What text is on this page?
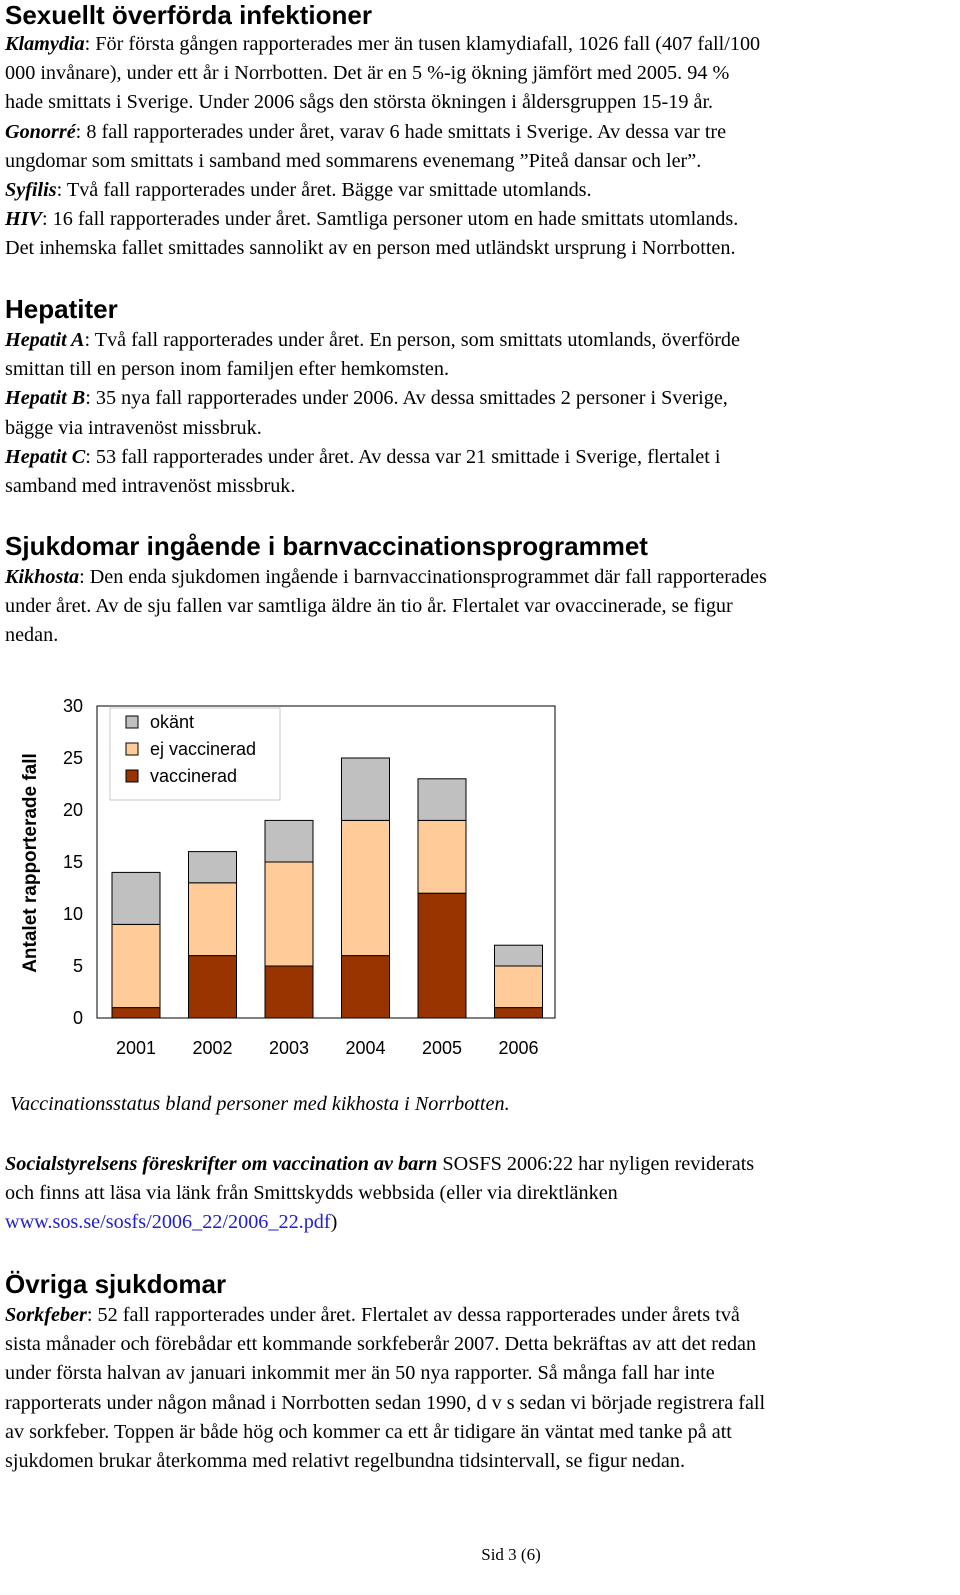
Sexuellt överförda infektioner
Klamydia: För första gången rapporterades mer än tusen klamydiafall, 1026 fall (407 fall/100
000 invånare), under ett år i Norrbotten. Det är en 5 %-ig ökning jämfört med 2005. 94 %
hade smittats i Sverige. Under 2006 sågs den största ökningen i åldersgruppen 15-19 år.
Gonorré: 8 fall rapporterades under året, varav 6 hade smittats i Sverige. Av dessa var tre
ungdomar som smittats i samband med sommarens evenemang ”Piteå dansar och ler”.
Syfilis: Två fall rapporterades under året. Bägge var smittade utomlands.
HIV: 16 fall rapporterades under året. Samtliga personer utom en hade smittats utomlands.
Det inhemska fallet smittades sannolikt av en person med utländskt ursprung i Norrbotten.
Hepatiter
Hepatit A: Två fall rapporterades under året. En person, som smittats utomlands, överförde
smittan till en person inom familjen efter hemkomsten.
Hepatit B: 35 nya fall rapporterades under 2006. Av dessa smittades 2 personer i Sverige,
bägge via intravenöst missbruk.
Hepatit C: 53 fall rapporterades under året. Av dessa var 21 smittade i Sverige, flertalet i
samband med intravenöst missbruk.
Sjukdomar ingående i barnvaccinationsprogrammet
Kikhosta: Den enda sjukdomen ingående i barnvaccinationsprogrammet där fall rapporterades
under året. Av de sju fallen var samtliga äldre än tio år. Flertalet var ovaccinerade, se figur
nedan.
0
5
10
15
20
25
30
2001 2002 2003 2004 2005 2006
Antalet rapporterade fall
okänt
ej vaccinerad
vaccinerad
Vaccinationsstatus bland personer med kikhosta i Norrbotten.
Socialstyrelsens föreskrifter om vaccination av barn SOSFS 2006:22 har nyligen reviderats
och finns att läsa via länk från Smittskydds webbsida (eller via direktlänken
www.sos.se/sosfs/2006_22/2006_22.pdf)
Övriga sjukdomar
Sorkfeber: 52 fall rapporterades under året. Flertalet av dessa rapporterades under årets två
sista månader och förebådar ett kommande sorkfeberår 2007. Detta bekräftas av att det redan
under första halvan av januari inkommit mer än 50 nya rapporter. Så många fall har inte
rapporterats under någon månad i Norrbotten sedan 1990, d v s sedan vi började registrera fall
av sorkfeber. Toppen är både hög och kommer ca ett år tidigare än väntat med tanke på att
sjukdomen brukar återkomma med relativt regelbundna tidsintervall, se figur nedan.
Sid 3 (6)
